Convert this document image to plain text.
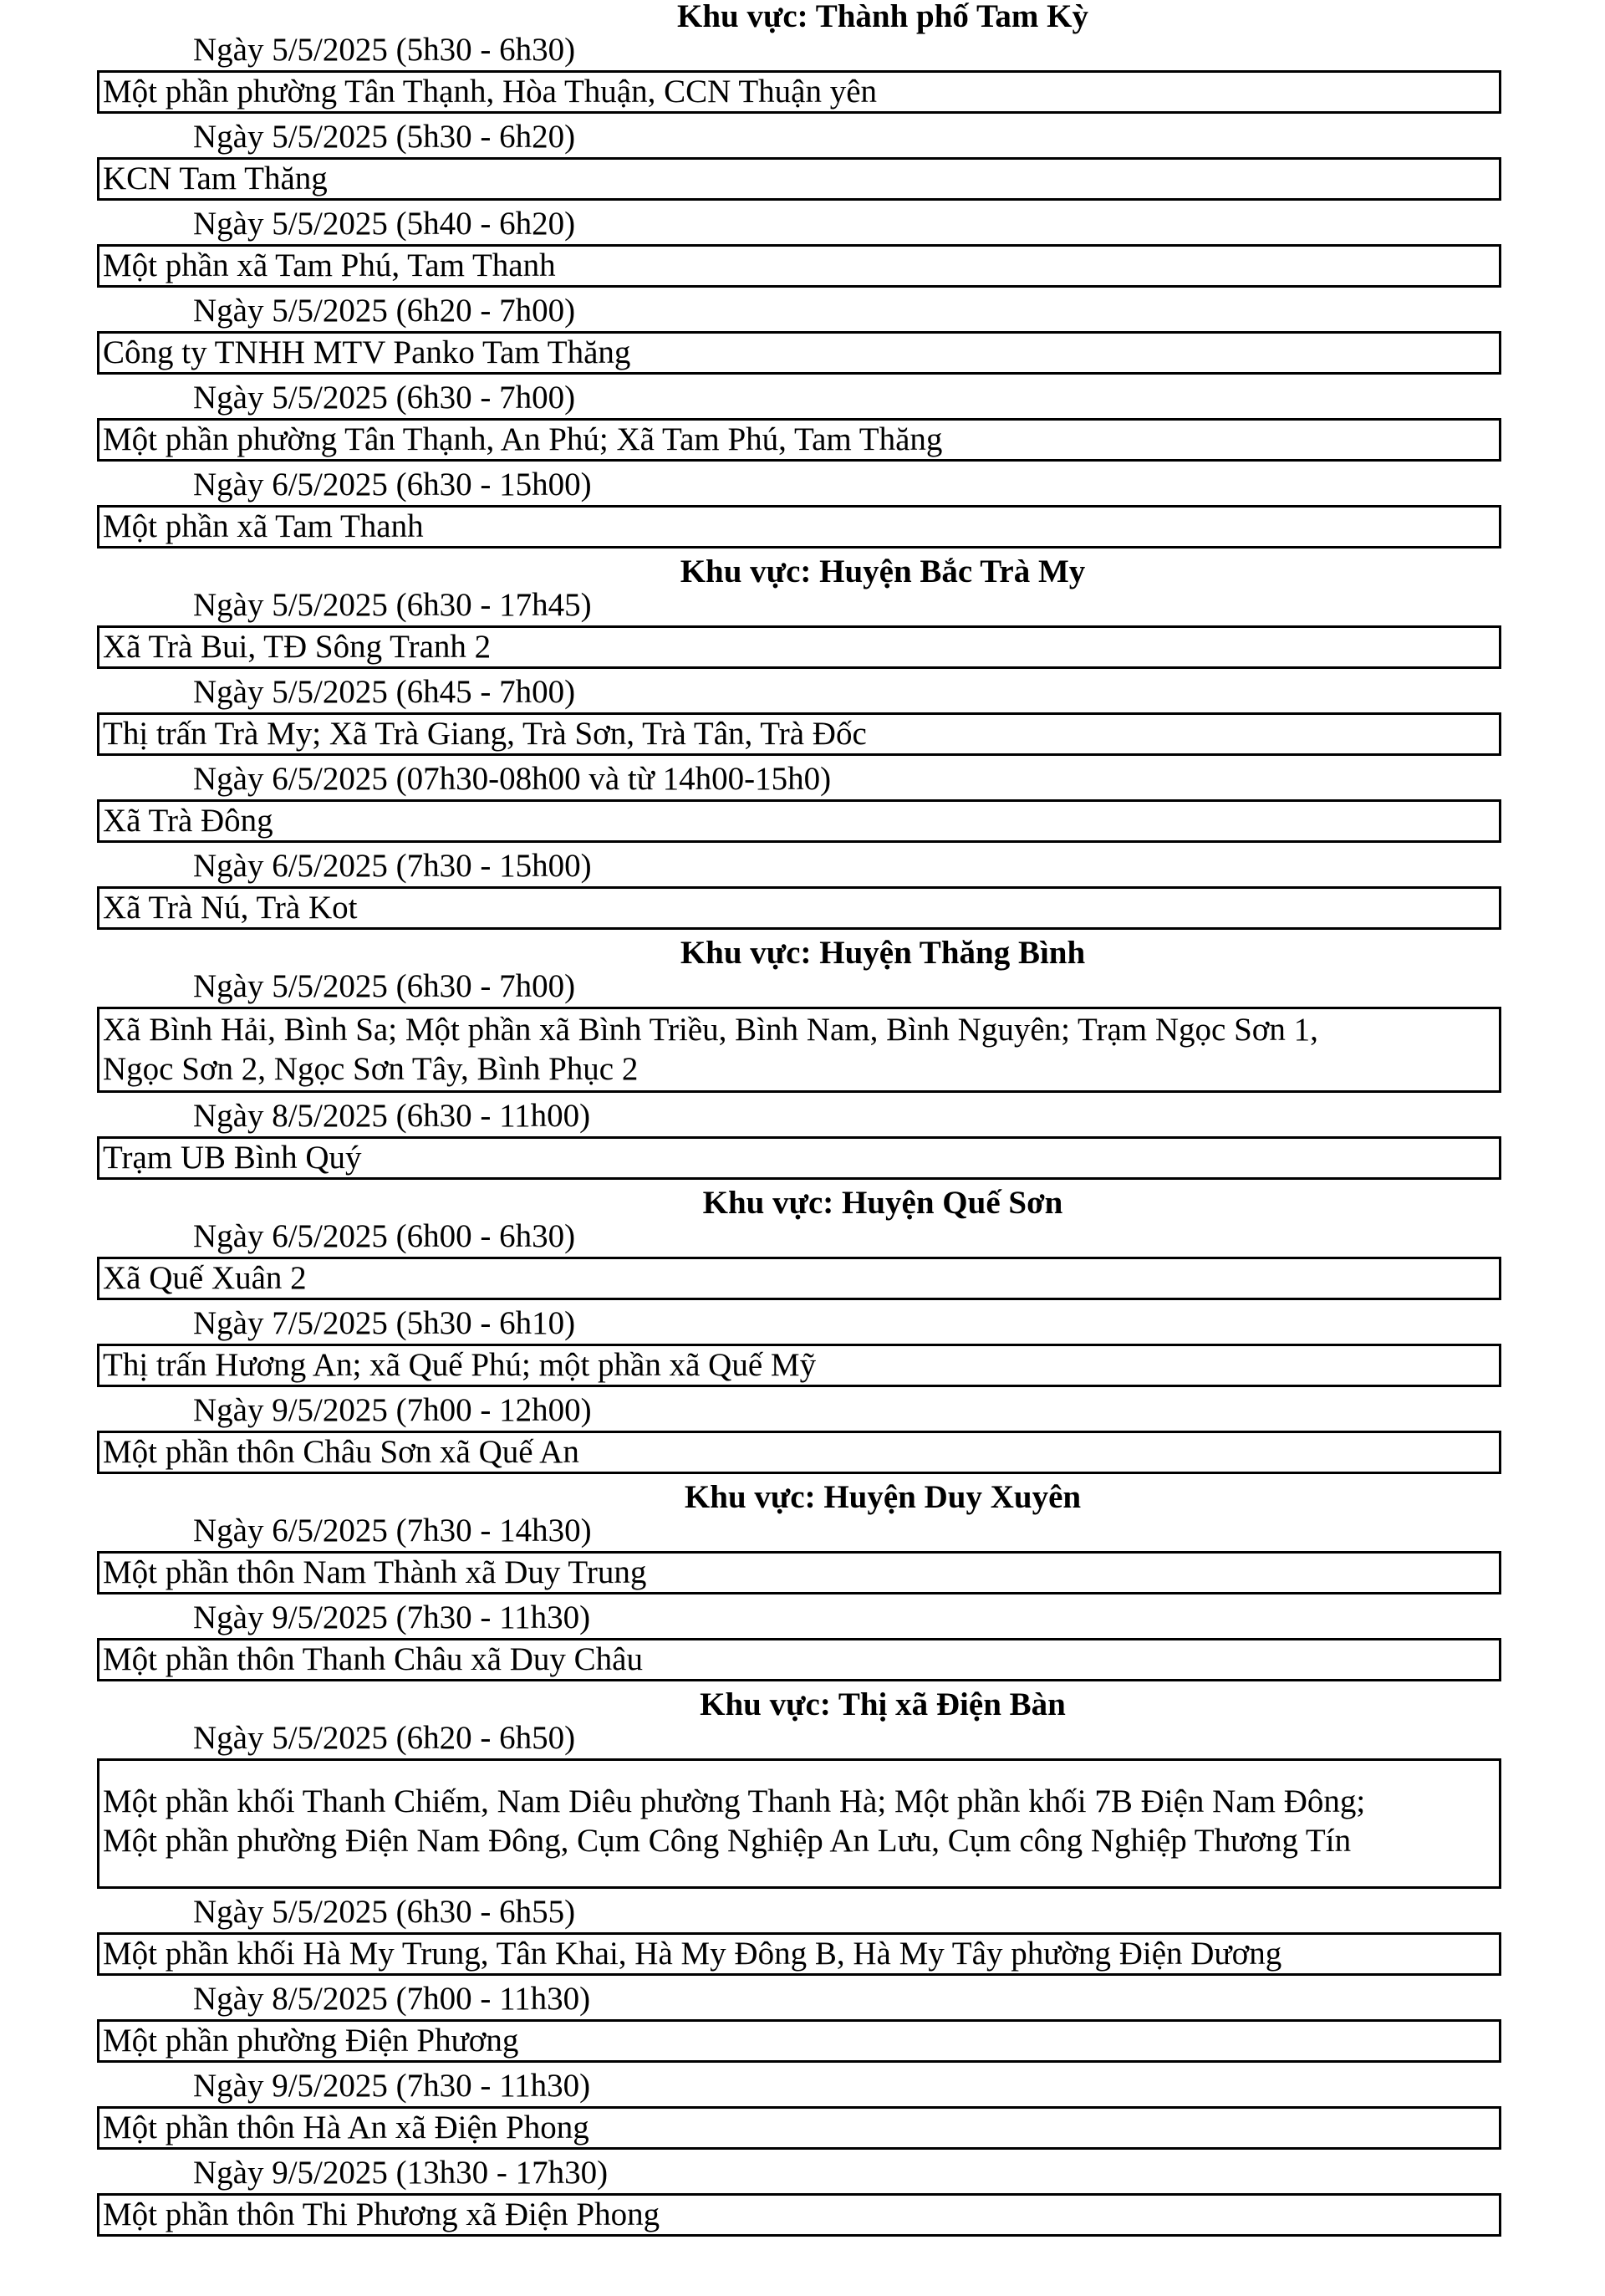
Khu vực: Thành phố Tam Kỳ
Ngày 5/5/2025 (5h30 - 6h30)
Một phần phường Tân Thạnh, Hòa Thuận, CCN Thuận yên
Ngày 5/5/2025 (5h30 - 6h20)
KCN Tam Thăng
Ngày 5/5/2025 (5h40 - 6h20)
Một phần xã Tam Phú, Tam Thanh
Ngày 5/5/2025 (6h20 - 7h00)
Công ty TNHH MTV Panko Tam Thăng
Ngày 5/5/2025 (6h30 - 7h00)
Một phần phường Tân Thạnh, An Phú; Xã Tam Phú, Tam Thăng
Ngày 6/5/2025 (6h30 - 15h00)
Một phần xã Tam Thanh
Khu vực: Huyện Bắc Trà My
Ngày 5/5/2025 (6h30 - 17h45)
Xã Trà Bui, TĐ Sông Tranh 2
Ngày 5/5/2025 (6h45 - 7h00)
Thị trấn Trà My; Xã Trà Giang, Trà Sơn, Trà Tân, Trà Đốc
Ngày 6/5/2025 (07h30-08h00 và từ 14h00-15h0)
Xã Trà Đông
Ngày 6/5/2025 (7h30 - 15h00)
Xã Trà Nú, Trà Kot
Khu vực: Huyện Thăng Bình
Ngày 5/5/2025 (6h30 - 7h00)
Xã Bình Hải, Bình Sa; Một phần xã Bình Triều, Bình Nam, Bình Nguyên; Trạm Ngọc Sơn 1,
Ngọc Sơn 2, Ngọc Sơn Tây, Bình Phục 2
Ngày 8/5/2025 (6h30 - 11h00)
Trạm UB Bình Quý
Khu vực: Huyện Quế Sơn
Ngày 6/5/2025 (6h00 - 6h30)
Xã Quế Xuân 2
Ngày 7/5/2025 (5h30 - 6h10)
Thị trấn Hương An; xã Quế Phú; một phần xã Quế Mỹ
Ngày 9/5/2025 (7h00 - 12h00)
Một phần thôn Châu Sơn xã Quế An
Khu vực: Huyện Duy Xuyên
Ngày 6/5/2025 (7h30 - 14h30)
Một phần thôn Nam Thành xã Duy Trung
Ngày 9/5/2025 (7h30 - 11h30)
Một phần thôn Thanh Châu xã Duy Châu
Khu vực: Thị xã Điện Bàn
Ngày 5/5/2025 (6h20 - 6h50)
Một phần khối Thanh Chiếm, Nam Diêu phường Thanh Hà; Một phần khối 7B Điện Nam Đông;
Một phần phường Điện Nam Đông, Cụm Công Nghiệp An Lưu, Cụm công Nghiệp Thương Tín
Ngày 5/5/2025 (6h30 - 6h55)
Một phần khối Hà My Trung, Tân Khai, Hà My Đông B, Hà My Tây phường Điện Dương
Ngày 8/5/2025 (7h00 - 11h30)
Một phần phường Điện Phương
Ngày 9/5/2025 (7h30 - 11h30)
Một phần thôn Hà An xã Điện Phong
Ngày 9/5/2025 (13h30 - 17h30)
Một phần thôn Thi Phương xã Điện Phong
